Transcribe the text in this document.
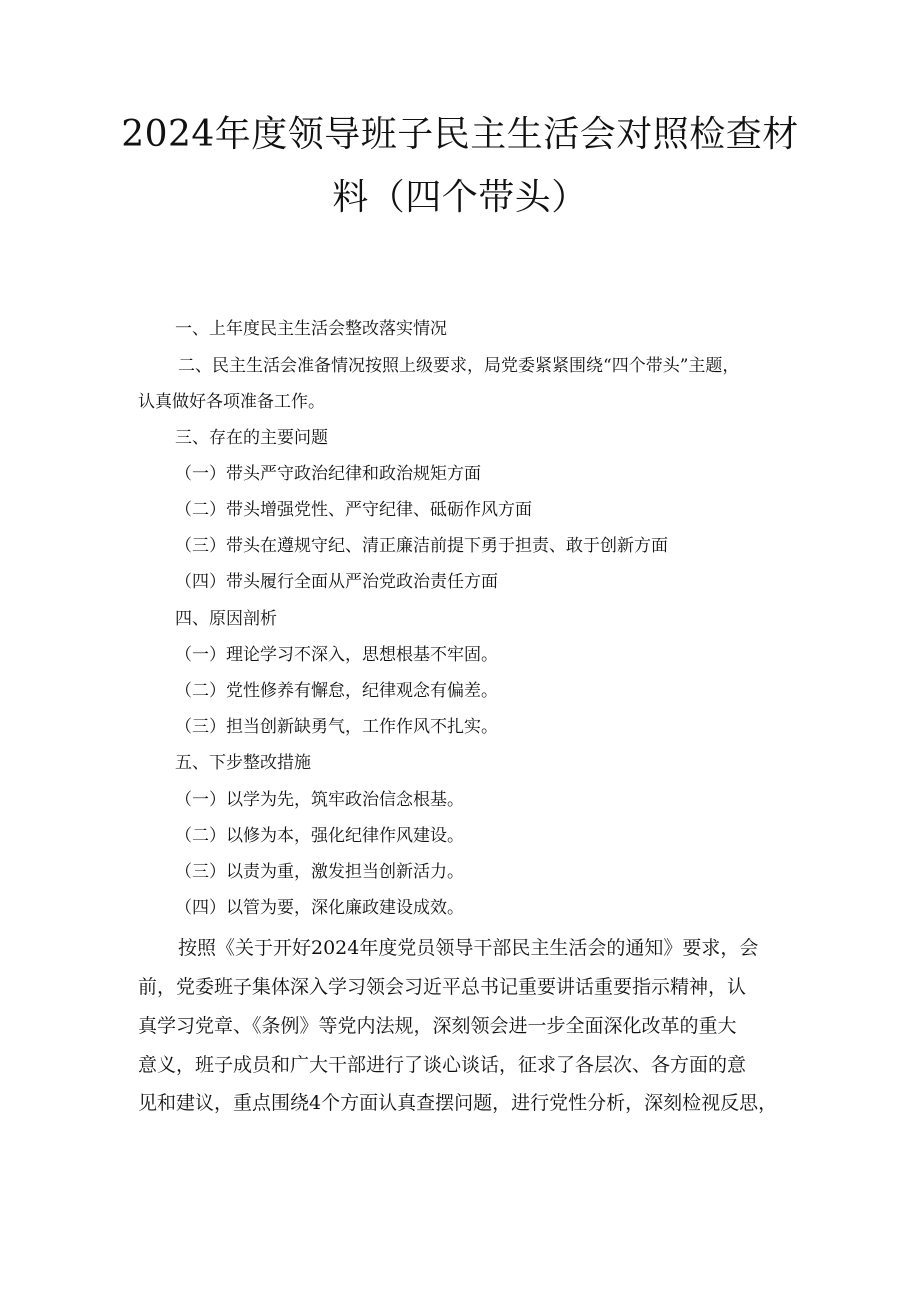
2024年度领导班子民主生活会对照检查材
料（四个带头）
一、上年度民主生活会整改落实情况
二、民主生活会准备情况按照上级要求，局党委紧紧围绕“四个带头”主题，
认真做好各项准备工作。
三、存在的主要问题
（一）带头严守政治纪律和政治规矩方面
（二）带头增强党性、严守纪律、砥砺作风方面
（三）带头在遵规守纪、清正廉洁前提下勇于担责、敢于创新方面
（四）带头履行全面从严治党政治责任方面
四、原因剖析
（一）理论学习不深入，思想根基不牢固。
（二）党性修养有懈怠，纪律观念有偏差。
（三）担当创新缺勇气，工作作风不扎实。
五、下步整改措施
（一）以学为先，筑牢政治信念根基。
（二）以修为本，强化纪律作风建设。
（三）以责为重，激发担当创新活力。
（四）以管为要，深化廉政建设成效。
按照《关于开好2024年度党员领导干部民主生活会的通知》要求，会
前，党委班子集体深入学习领会习近平总书记重要讲话重要指示精神，认
真学习党章、《条例》等党内法规，深刻领会进一步全面深化改革的重大
意义，班子成员和广大干部进行了谈心谈话，征求了各层次、各方面的意
见和建议，重点围绕4个方面认真查摆问题，进行党性分析，深刻检视反思，
